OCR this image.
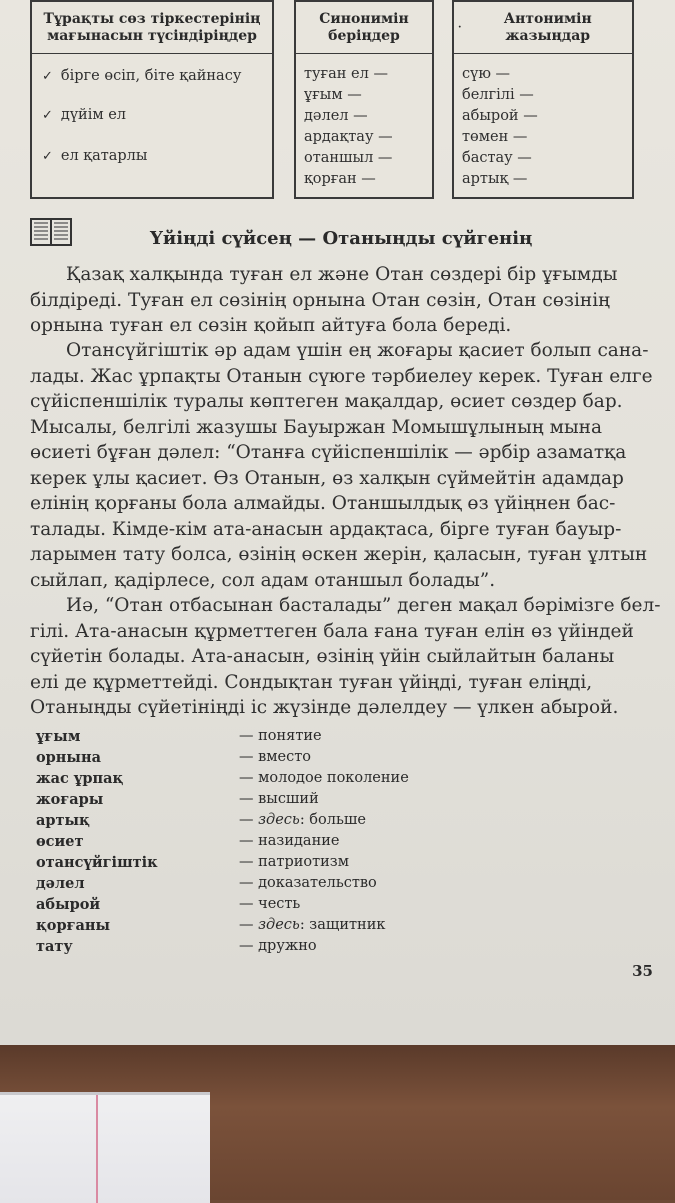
Тұрақты сөз тіркестерінің мағынасын түсіндіріңдер
✓ бірге өсіп, біте қайнасу
✓ дүйім ел
✓ ел қатарлы
Синонимін беріңдер
туған ел —
ұғым —
дәлел —
ардақтау —
отаншыл —
қорған —
·
Антонимін жазыңдар
сүю —
белгілі —
абырой —
төмен —
бастау —
артық —
Үйіңді сүйсең — Отаныңды сүйгенің

Қазақ халқында туған ел және Отан сөздері бір ұғымды
білдіреді. Туған ел сөзінің орнына Отан сөзін, Отан сөзінің
орнына туған ел сөзін қойып айтуға бола береді.

Отансүйгіштік әр адам үшін ең жоғары қасиет болып сана-
лады. Жас ұрпақты Отанын сүюге тәрбиелеу керек. Туған елге
сүйіспеншілік туралы көптеген мақалдар, өсиет сөздер бар.
Мысалы, белгілі жазушы Бауыржан Момышұлының мына
өсиеті бұған дәлел: “Отанға сүйіспеншілік — әрбір азаматқа
керек ұлы қасиет. Өз Отанын, өз халқын сүймейтін адамдар
елінің қорғаны бола алмайды. Отаншылдық өз үйіңнен бас-
талады. Кімде-кім ата-анасын ардақтаса, бірге туған бауыр-
ларымен тату болса, өзінің өскен жерін, қаласын, туған ұлтын
сыйлап, қадірлесе, сол адам отаншыл болады”.

Иә, “Отан отбасынан басталады” деген мақал бәрімізге бел-
гілі. Ата-анасын құрметтеген бала ғана туған елін өз үйіндей
сүйетін болады. Ата-анасын, өзінің үйін сыйлайтын баланы
елі де құрметтейді. Сондықтан туған үйіңді, туған еліңді,
Отаныңды сүйетініңді іс жүзінде дәлелдеу — үлкен абырой.

ұғым	— понятие
орнына	— вместо
жас ұрпақ	— молодое поколение
жоғары	— высший
артық	— здесь: больше
өсиет	— назидание
отансүйгіштік	— патриотизм
дәлел	— доказательство
абырой	— честь
қорғаны	— здесь: защитник
тату	— дружно
35
